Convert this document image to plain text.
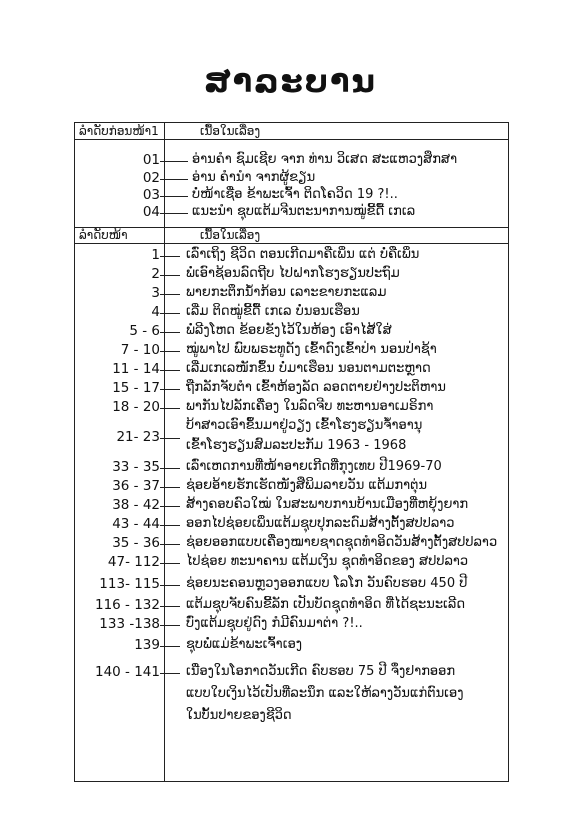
ສາລະບານ
ລຳດັບກ່ອນໜ້າ1	ເນື້ອໃນເລື່ອງ
01 ອ່ານຄຳ ຊົມເຊີຍ ຈາກ ທ່ານ ວິເສດ ສະແຫວງສຶກສາ
02 ອ່ານ ຄຳນຳ ຈາກຜູ້ຂຽນ
03 ບໍ່ໜ້າເຊື່ອ ຂ້າພະເຈົ້າ ຕິດໂຄວິດ 19 ?!..
04 ແນະນຳ ຊຸບແຕ້ມຈີນຕະນາການໝູ່ຂີ້ດື້ ເກເລ
ລຳດັບໜ້າ	ເນື້ອໃນເລື່ອງ
1 ເລົ່າເຖິງ ຊີວິດ ຕອນເກີດມາຄືເພິ່ນ ແຕ່ ບໍ່ຄືເພິ່ນ
2 ພໍ່ເອົາຊ້ອນລົດຖີບ ໄປຝາກໂຮງຮຽນປະຖົມ
3 ພາຍກະຕຶກນໍ້າກ້ອນ ເລາະຂາຍກະແລມ
4 ເລີ່ມ ຕິດໝູ່ຂີ້ດື້ ເກເລ ບໍ່ນອນເຮືອນ
5 - 6 ພໍ່ລີງໂຫດ ຂ້ອຍຂັງໄວ້ໃນຫ້ອງ ເອົາໄສ້ໃສ່
7 - 10 ໝູ່ພາໄປ ພົບພຣະທູດັງ ເຂົ້າດົງເຂົ້າປ່າ ນອນປ່າຊ້າ
11 - 14 ເລີ່ມເກເລໜັກຂຶ້ນ ບໍ່ມາເຮືອນ ນອນຕາມຕະຫຼາດ
15 - 17 ຖືກລັກຈັບຕຳ ເຂົ້າຫ້ອງລັດ ລອດຕາຍຢ່າງປະຕິຫານ
18 - 20 ພາກັນໄປລັກເຄື່ອງ ໃນລົດຈີບ ທະຫານອາເມຣິກາ
21- 23
ບ້າສາວເອົາຂຶ້ນມາຢູ່ວຽງ ເຂົ້າໂຮງຮຽນຈ້ຳອານຸ
ເຂົ້າໂຮງຮຽນສົມລະປະກັມ 1963 - 1968
33 - 35 ເລົ່າເຫດການທີ່ໜ້າອາຍເກີດທີ່ກຸງເທບ ປີ1969-70
36 - 37 ຊ່ອຍອ້າຍຮັກເຮັດໜັງສືພິມລາຍວັນ ແຕ້ມກາຕຸ່ນ
38 - 42 ສ້າງຄອບຄົວໃໝ່ ໃນສະພາບການບ້ານເມືອງທີ່ຫຍຸ້ງຍາກ
43 - 44 ອອກໄປຊ່ອຍເພິ່ນແຕ້ມຊຸບປຸກລະດົມສ້າງຕັ້ງສປປລາວ
35 - 36 ຊ່ອຍອອກແບບເຄື່ອງໝາຍຊາດຊຸດທຳອິດວັນສ້າງຕັ້ງສປປລາວ
47- 112 ໄປຊ່ອຍ ທະນາຄານ ແຕ້ມເງິນ ຊຸດທຳອິດຂອງ ສປປລາວ
113- 115 ຊ່ອຍນະຄອນຫຼວງອອກແບບ ໂລໂກ ວັນຄົບຮອບ 450 ປີ
116 - 132 ແຕ້ມຊຸບຈັບຄົນຂີ້ລັກ ເປັນບັດຊຸດທຳອິດ ທີ່ໄດ້ຊະນະເລີດ
133 -138 ບົ່ງແຕ້ມຊຸບຢູ່ດົງ ກໍມີຄົນມາຕ່າ ?!..
139 ຊຸບພໍ່ແມ່ຂ້າພະເຈົ້າເອງ
140 - 141 ເນື່ອງໃນໂອກາດວັນເກີດ ຄົບຮອບ 75 ປີ ຈຶ່ງຢາກອອກ
ແບບໃບເງິນໄວ້ເປັນທີ່ລະນຶກ ແລະໃຫ້ລາງວັນແກ່ຕົນເອງ
ໃນບັ້ນປາຍຂອງຊີວິດ
